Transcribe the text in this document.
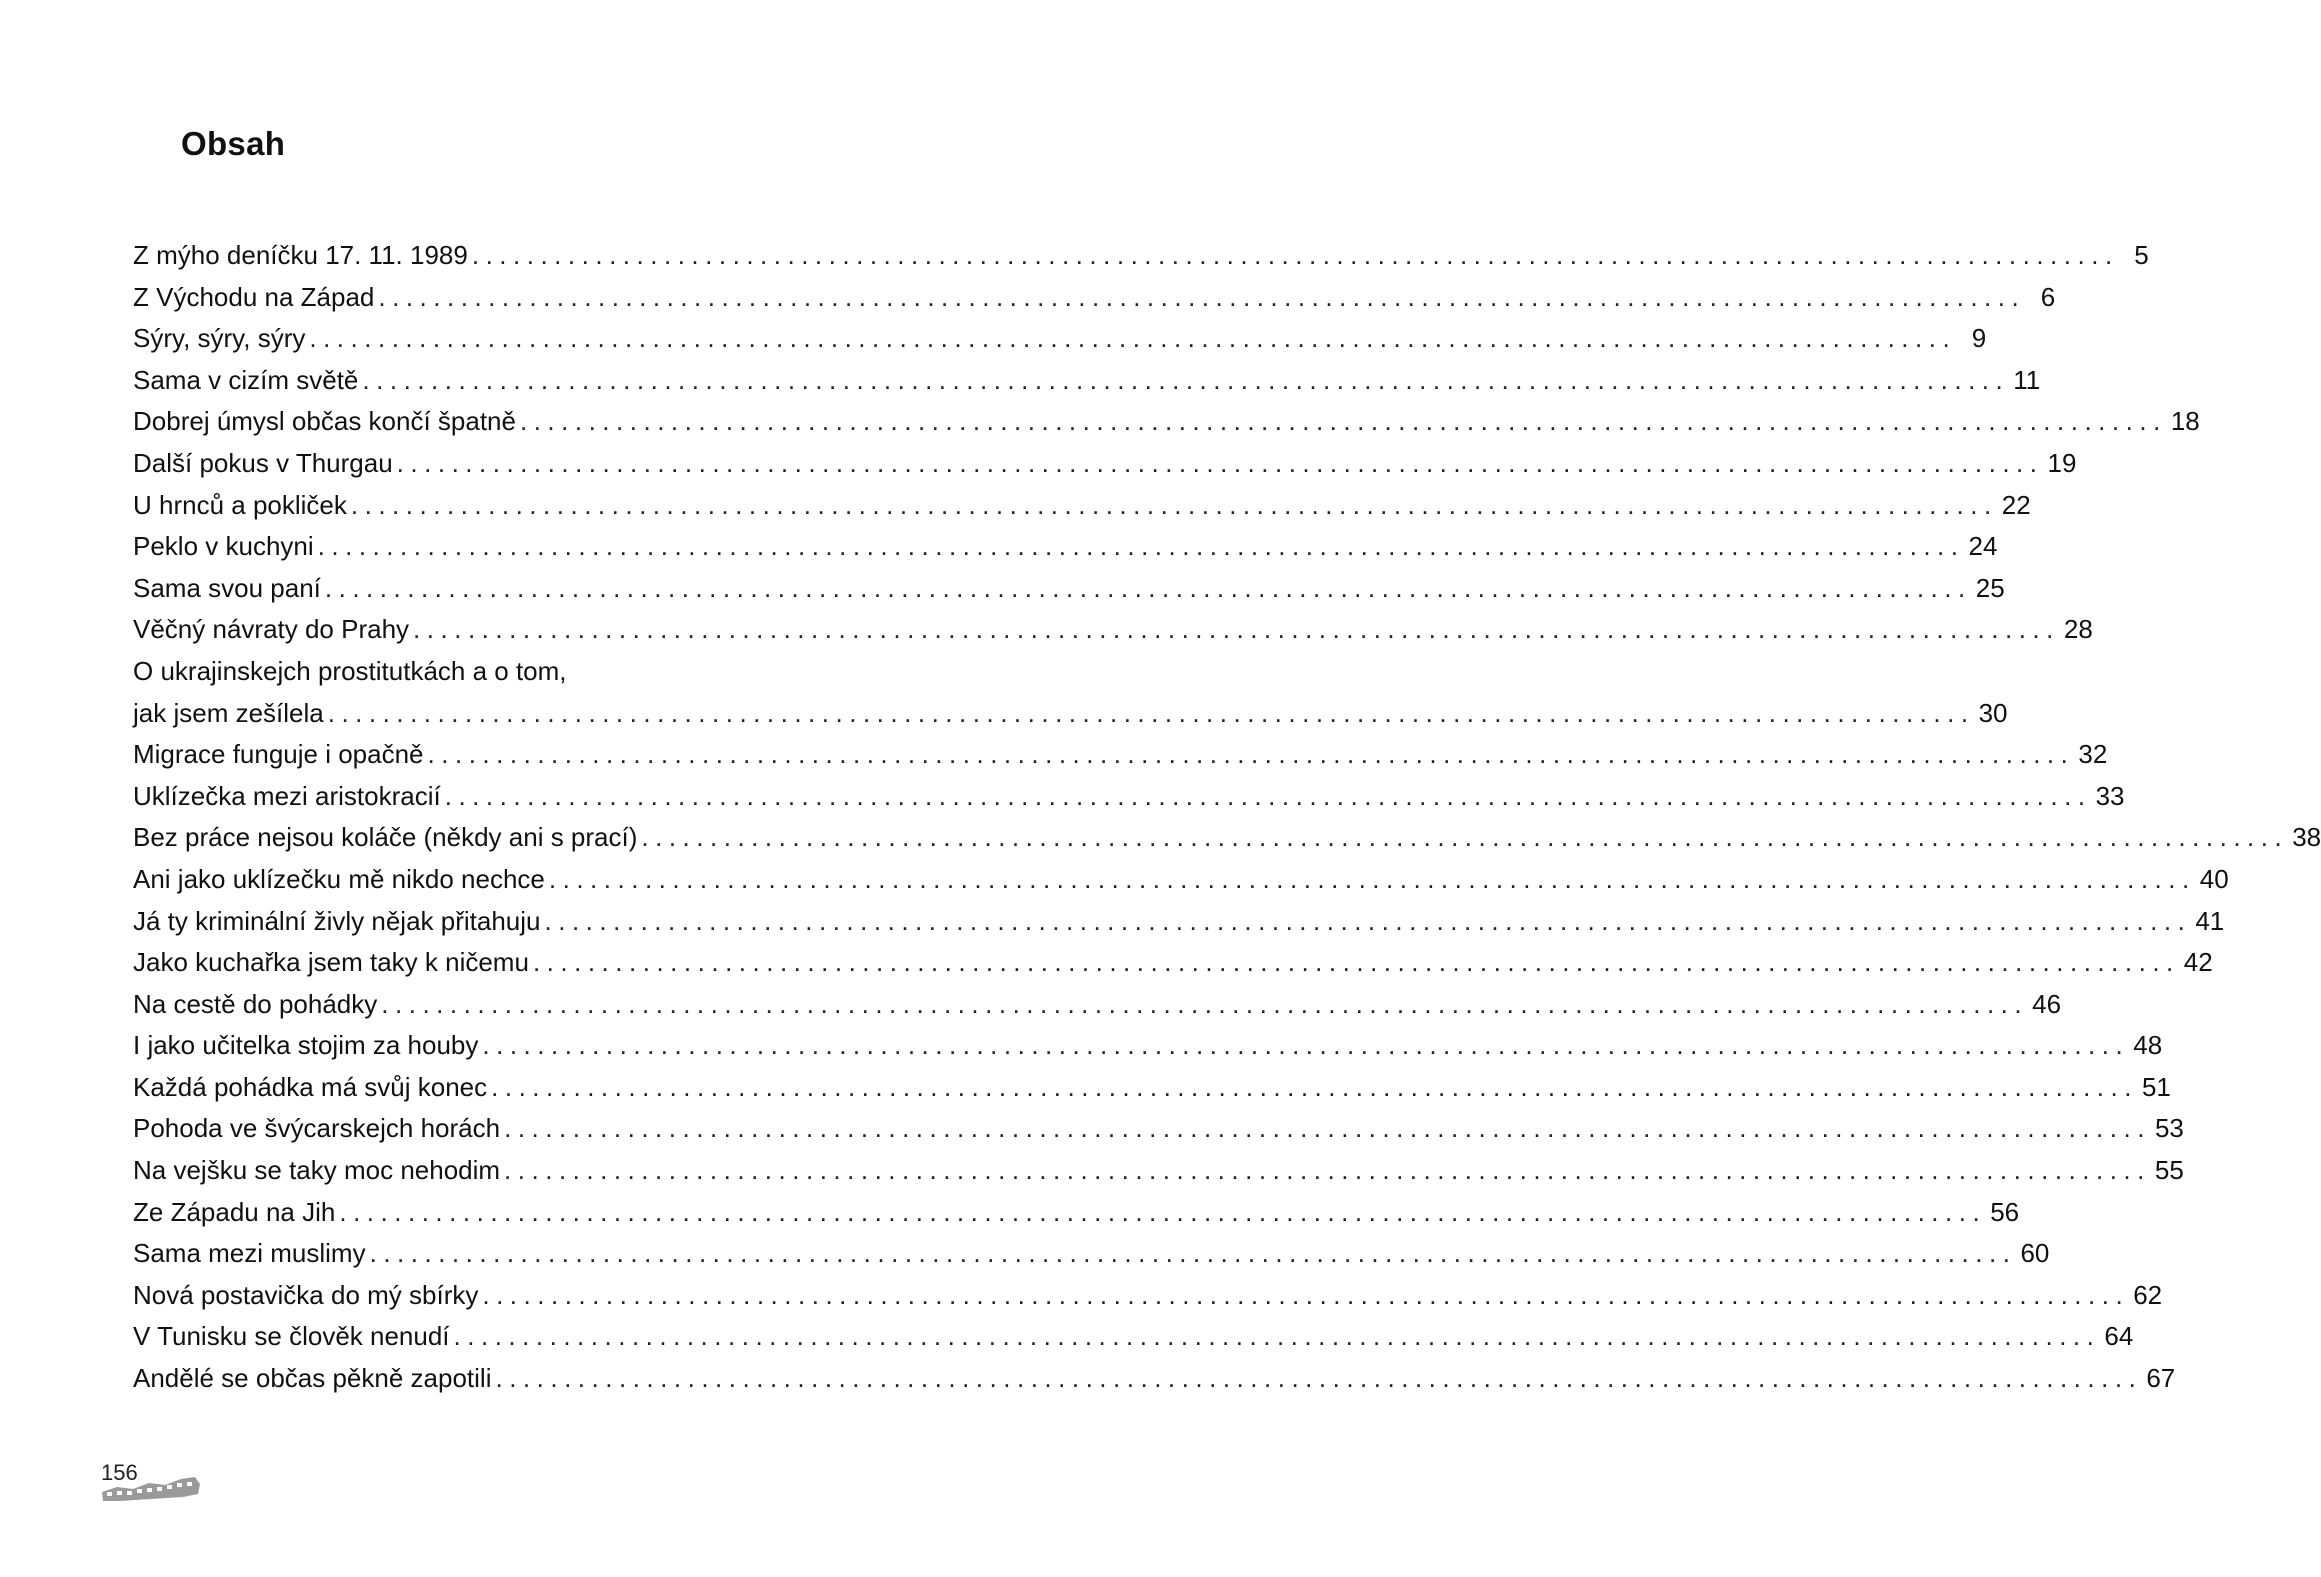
Obsah
Z mýho deníčku 17. 11. 1989 ........................................................................................................................ 5
Z Východu na Západ ........................................................................................................................ 6
Sýry, sýry, sýry ........................................................................................................................ 9
Sama v cizím světě ........................................................................................................................ 11
Dobrej úmysl občas končí špatně ........................................................................................................................ 18
Další pokus v Thurgau ........................................................................................................................ 19
U hrnců a pokliček ........................................................................................................................ 22
Peklo v kuchyni ........................................................................................................................ 24
Sama svou paní ........................................................................................................................ 25
Věčný návraty do Prahy ........................................................................................................................ 28
O ukrajinskejch prostitutkách a o tom,
jak jsem zešílela ........................................................................................................................ 30
Migrace funguje i opačně ........................................................................................................................ 32
Uklízečka mezi aristokracií ........................................................................................................................ 33
Bez práce nejsou koláče (někdy ani s prací) ........................................................................................................................ 38
Ani jako uklízečku mě nikdo nechce ........................................................................................................................ 40
Já ty kriminální živly nějak přitahuju ........................................................................................................................ 41
Jako kuchařka jsem taky k ničemu ........................................................................................................................ 42
Na cestě do pohádky ........................................................................................................................ 46
I jako učitelka stojim za houby ........................................................................................................................ 48
Každá pohádka má svůj konec ........................................................................................................................ 51
Pohoda ve švýcarskejch horách ........................................................................................................................ 53
Na vejšku se taky moc nehodim ........................................................................................................................ 55
Ze Západu na Jih ........................................................................................................................ 56
Sama mezi muslimy ........................................................................................................................ 60
Nová postavička do mý sbírky ........................................................................................................................ 62
V Tunisku se člověk nenudí ........................................................................................................................ 64
Andělé se občas pěkně zapotili ........................................................................................................................ 67
156
